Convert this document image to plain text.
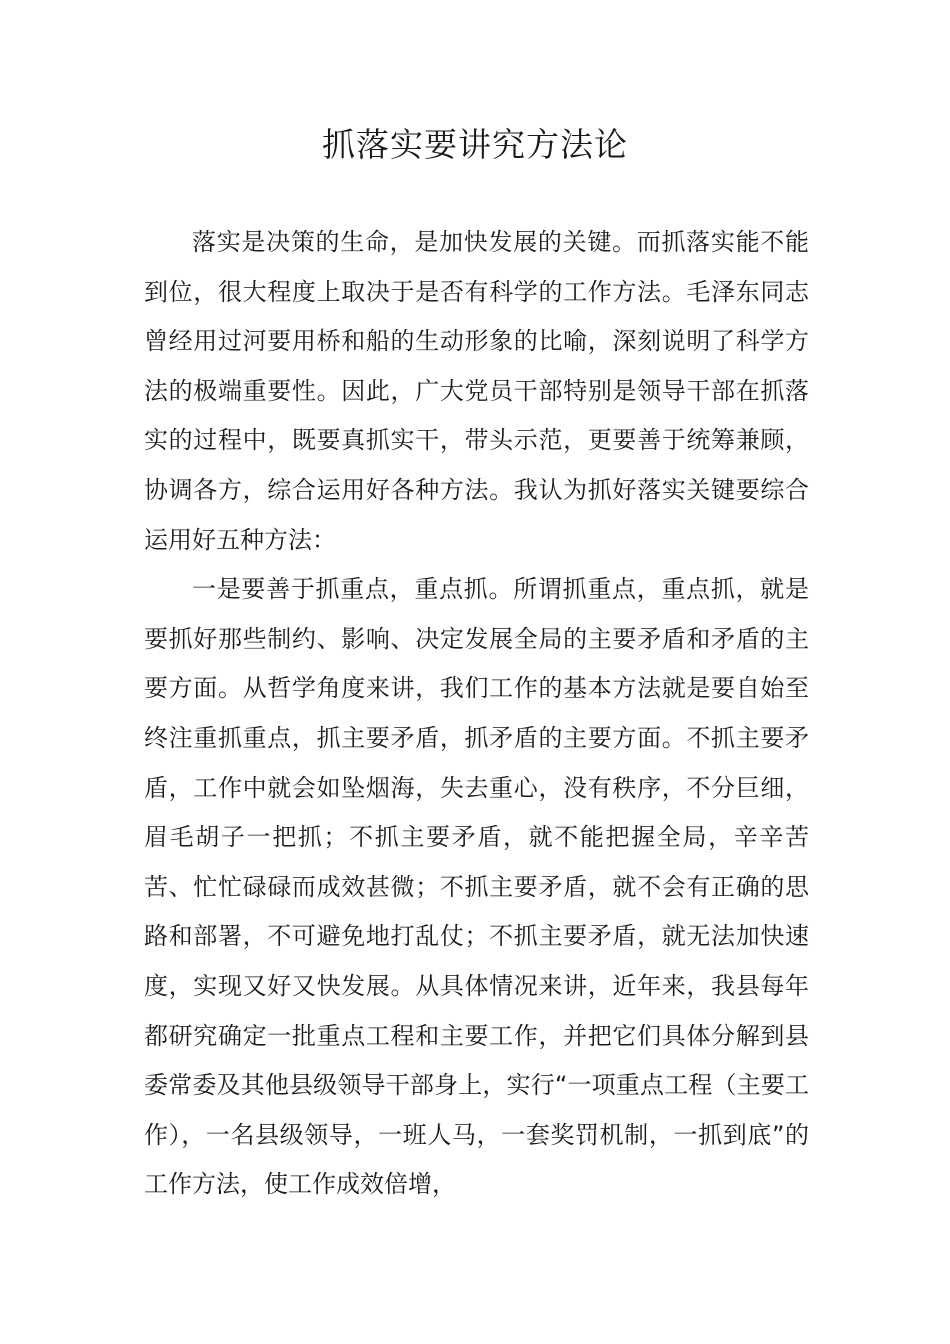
抓落实要讲究方法论

落实是决策的生命，是加快发展的关键。而抓落实能不能到位，很大程度上取决于是否有科学的工作方法。毛泽东同志曾经用过河要用桥和船的生动形象的比喻，深刻说明了科学方法的极端重要性。因此，广大党员干部特别是领导干部在抓落实的过程中，既要真抓实干，带头示范，更要善于统筹兼顾，协调各方，综合运用好各种方法。我认为抓好落实关键要综合运用好五种方法：

一是要善于抓重点，重点抓。所谓抓重点，重点抓，就是要抓好那些制约、影响、决定发展全局的主要矛盾和矛盾的主要方面。从哲学角度来讲，我们工作的基本方法就是要自始至终注重抓重点，抓主要矛盾，抓矛盾的主要方面。不抓主要矛盾，工作中就会如坠烟海，失去重心，没有秩序，不分巨细，眉毛胡子一把抓；不抓主要矛盾，就不能把握全局，辛辛苦苦、忙忙碌碌而成效甚微；不抓主要矛盾，就不会有正确的思路和部署，不可避免地打乱仗；不抓主要矛盾，就无法加快速度，实现又好又快发展。从具体情况来讲，近年来，我县每年都研究确定一批重点工程和主要工作，并把它们具体分解到县委常委及其他县级领导干部身上，实行“一项重点工程（主要工作），一名县级领导，一班人马，一套奖罚机制，一抓到底”的工作方法，使工作成效倍增，
